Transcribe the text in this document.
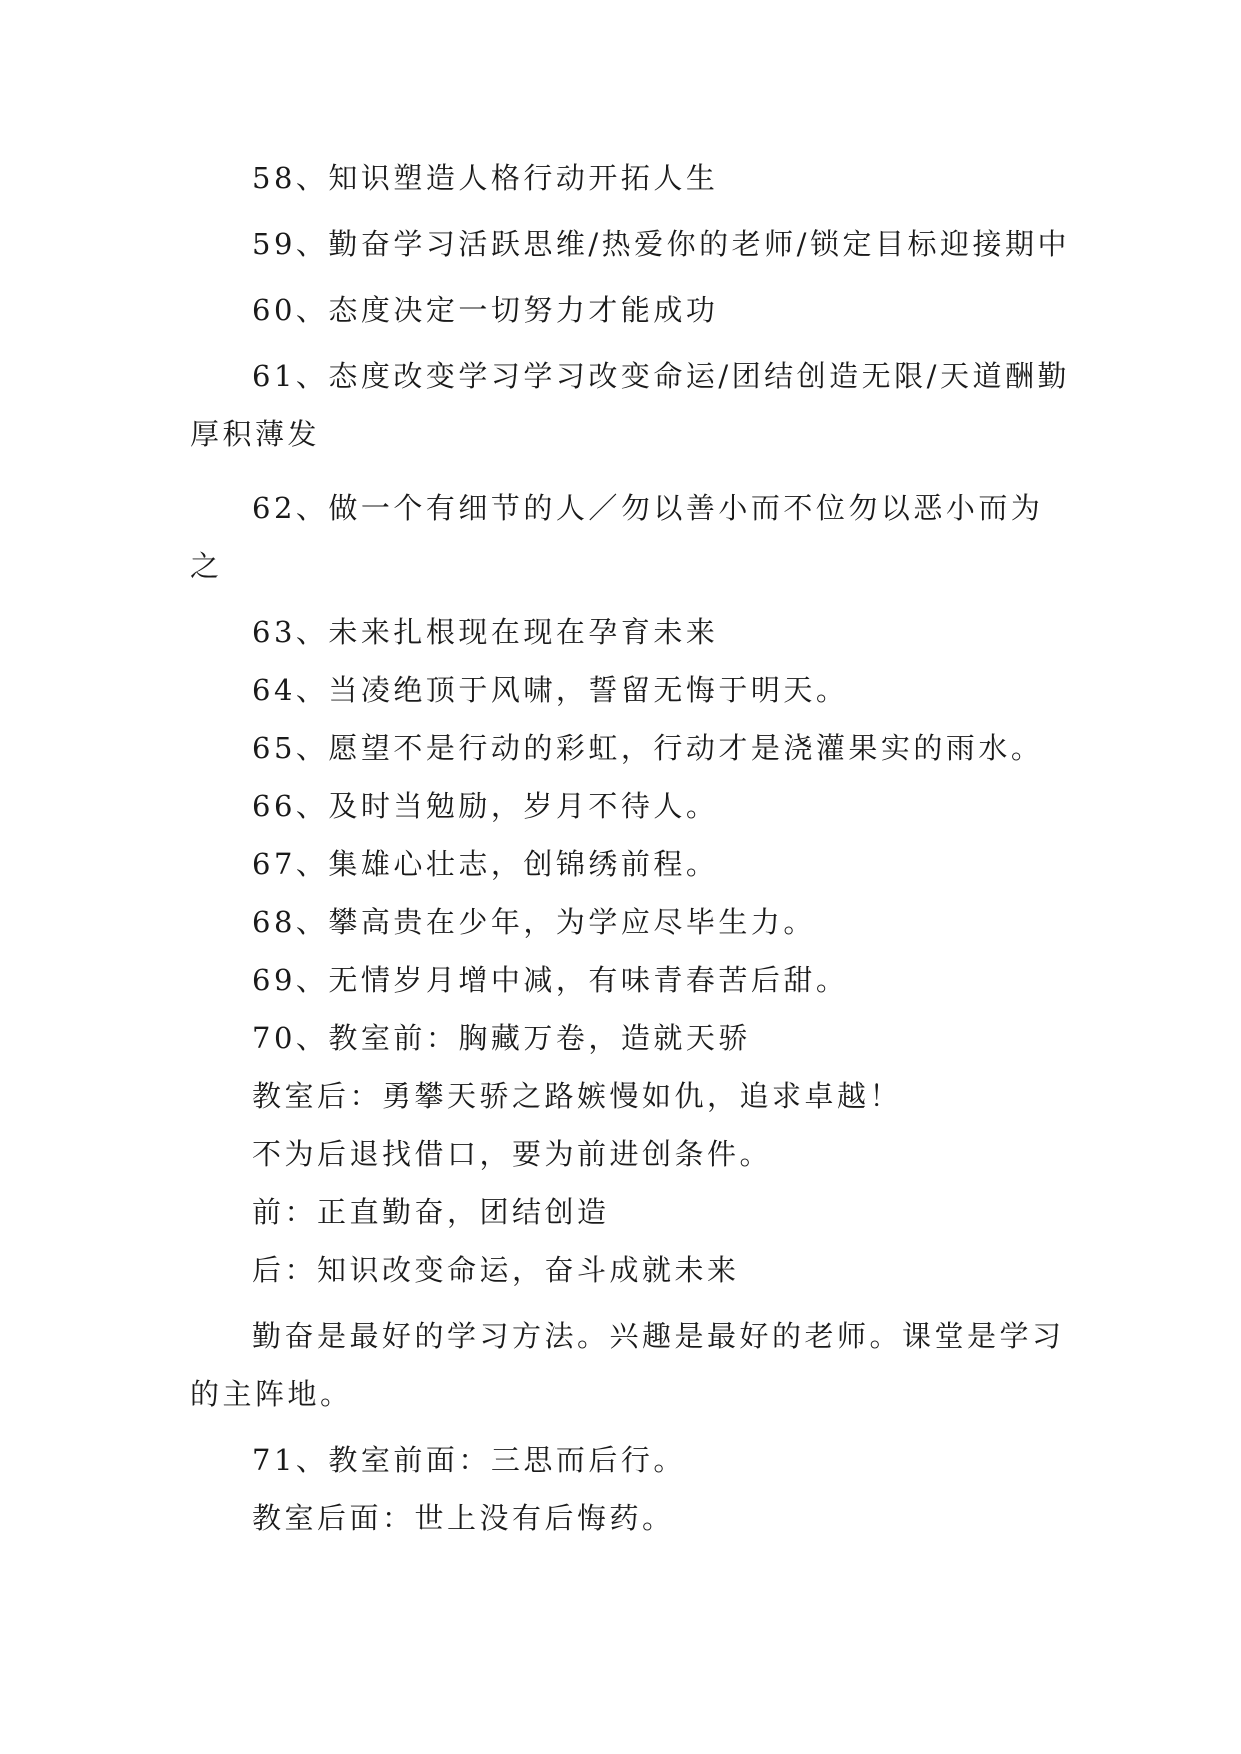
58、知识塑造人格行动开拓人生

59、勤奋学习活跃思维/热爱你的老师/锁定目标迎接期中

60、态度决定一切努力才能成功

61、态度改变学习学习改变命运/团结创造无限/天道酬勤厚积薄发

62、做一个有细节的人／勿以善小而不位勿以恶小而为之

63、未来扎根现在现在孕育未来

64、当凌绝顶于风啸，誓留无悔于明天。

65、愿望不是行动的彩虹，行动才是浇灌果实的雨水。

66、及时当勉励，岁月不待人。

67、集雄心壮志，创锦绣前程。

68、攀高贵在少年，为学应尽毕生力。

69、无情岁月增中减，有味青春苦后甜。

70、教室前：胸藏万卷，造就天骄

教室后：勇攀天骄之路嫉慢如仇，追求卓越！

不为后退找借口，要为前进创条件。

前：正直勤奋，团结创造

后：知识改变命运，奋斗成就未来

勤奋是最好的学习方法。兴趣是最好的老师。课堂是学习的主阵地。

71、教室前面：三思而后行。

教室后面：世上没有后悔药。
